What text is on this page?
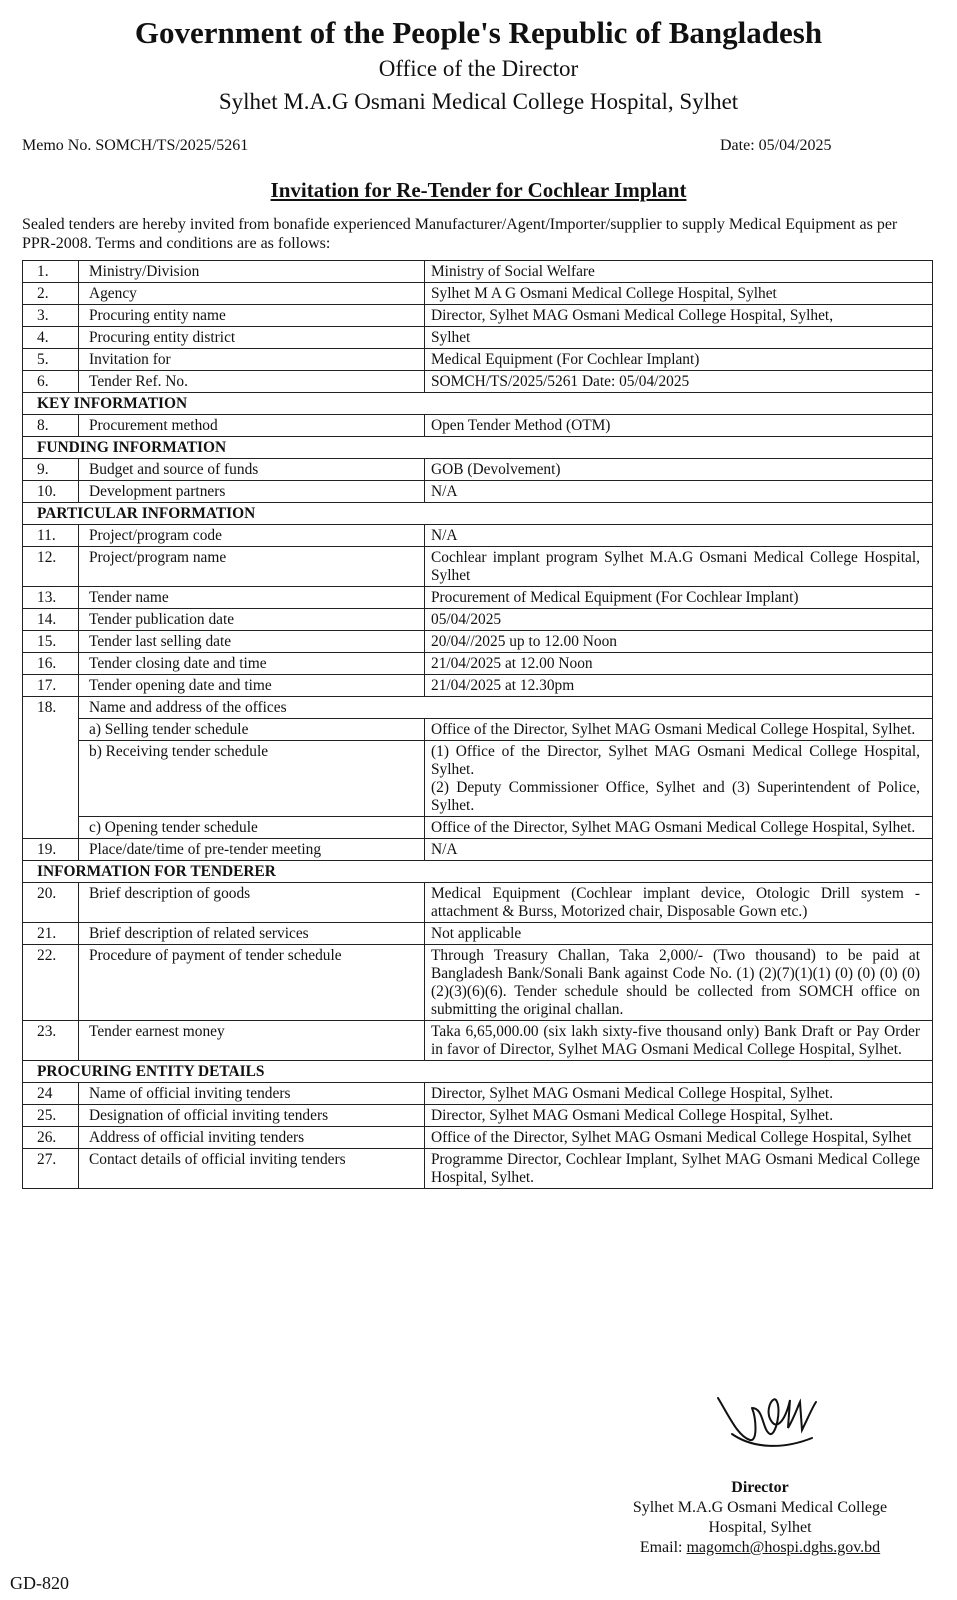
Government of the People's Republic of Bangladesh
Office of the Director
Sylhet M.A.G Osmani Medical College Hospital, Sylhet
Memo No. SOMCH/TS/2025/5261	Date: 05/04/2025
Invitation for Re-Tender for Cochlear Implant
Sealed tenders are hereby invited from bonafide experienced Manufacturer/Agent/Importer/supplier to supply Medical Equipment as per PPR-2008. Terms and conditions are as follows:
1.	Ministry/Division	Ministry of Social Welfare
2.	Agency	Sylhet M A G Osmani Medical College Hospital, Sylhet
3.	Procuring entity name	Director, Sylhet MAG Osmani Medical College Hospital, Sylhet,
4.	Procuring entity district	Sylhet
5.	Invitation for	Medical Equipment (For Cochlear Implant)
6.	Tender Ref. No.	SOMCH/TS/2025/5261 Date: 05/04/2025
KEY INFORMATION		
8.	Procurement method	Open Tender Method (OTM)
FUNDING INFORMATION		
9.	Budget and source of funds	GOB (Devolvement)
10.	Development partners	N/A
PARTICULAR INFORMATION		
11.	Project/program code	N/A
12.	Project/program name	Cochlear implant program Sylhet M.A.G Osmani Medical College Hospital, Sylhet
13.	Tender name	Procurement of Medical Equipment (For Cochlear Implant)
14.	Tender publication date	05/04/2025
15.	Tender last selling date	20/04//2025 up to 12.00 Noon
16.	Tender closing date and time	21/04/2025 at 12.00 Noon
17.	Tender opening date and time	21/04/2025 at 12.30pm
18.	Name and address of the offices	
	a) Selling tender schedule	Office of the Director, Sylhet MAG Osmani Medical College Hospital, Sylhet.
	b) Receiving tender schedule	(1) Office of the Director, Sylhet MAG Osmani Medical College Hospital, Sylhet.
(2) Deputy Commissioner Office, Sylhet and (3) Superintendent of Police, Sylhet.

	c) Opening tender schedule	Office of the Director, Sylhet MAG Osmani Medical College Hospital, Sylhet.
19.	Place/date/time of pre-tender meeting	N/A
INFORMATION FOR TENDERER		
20.	Brief description of goods	Medical Equipment (Cochlear implant device, Otologic Drill system - attachment & Burss, Motorized chair, Disposable Gown etc.)
21.	Brief description of related services	Not applicable
22.	Procedure of payment of tender schedule	Through Treasury Challan, Taka 2,000/- (Two thousand) to be paid at Bangladesh Bank/Sonali Bank against Code No. (1) (2)(7)(1)(1) (0) (0) (0) (0) (2)(3)(6)(6). Tender schedule should be collected from SOMCH office on submitting the original challan.
23.	Tender earnest money	Taka 6,65,000.00 (six lakh sixty-five thousand only) Bank Draft or Pay Order in favor of Director, Sylhet MAG Osmani Medical College Hospital, Sylhet.
PROCURING ENTITY DETAILS		
24	Name of official inviting tenders	Director, Sylhet MAG Osmani Medical College Hospital, Sylhet.
25.	Designation of official inviting tenders	Director, Sylhet MAG Osmani Medical College Hospital, Sylhet.
26.	Address of official inviting tenders	Office of the Director, Sylhet MAG Osmani Medical College Hospital, Sylhet
27.	Contact details of official inviting tenders	Programme Director, Cochlear Implant, Sylhet MAG Osmani Medical College Hospital, Sylhet.
Director
Sylhet M.A.G Osmani Medical College
Hospital, Sylhet
Email: magomch@hospi.dghs.gov.bd
GD-820
